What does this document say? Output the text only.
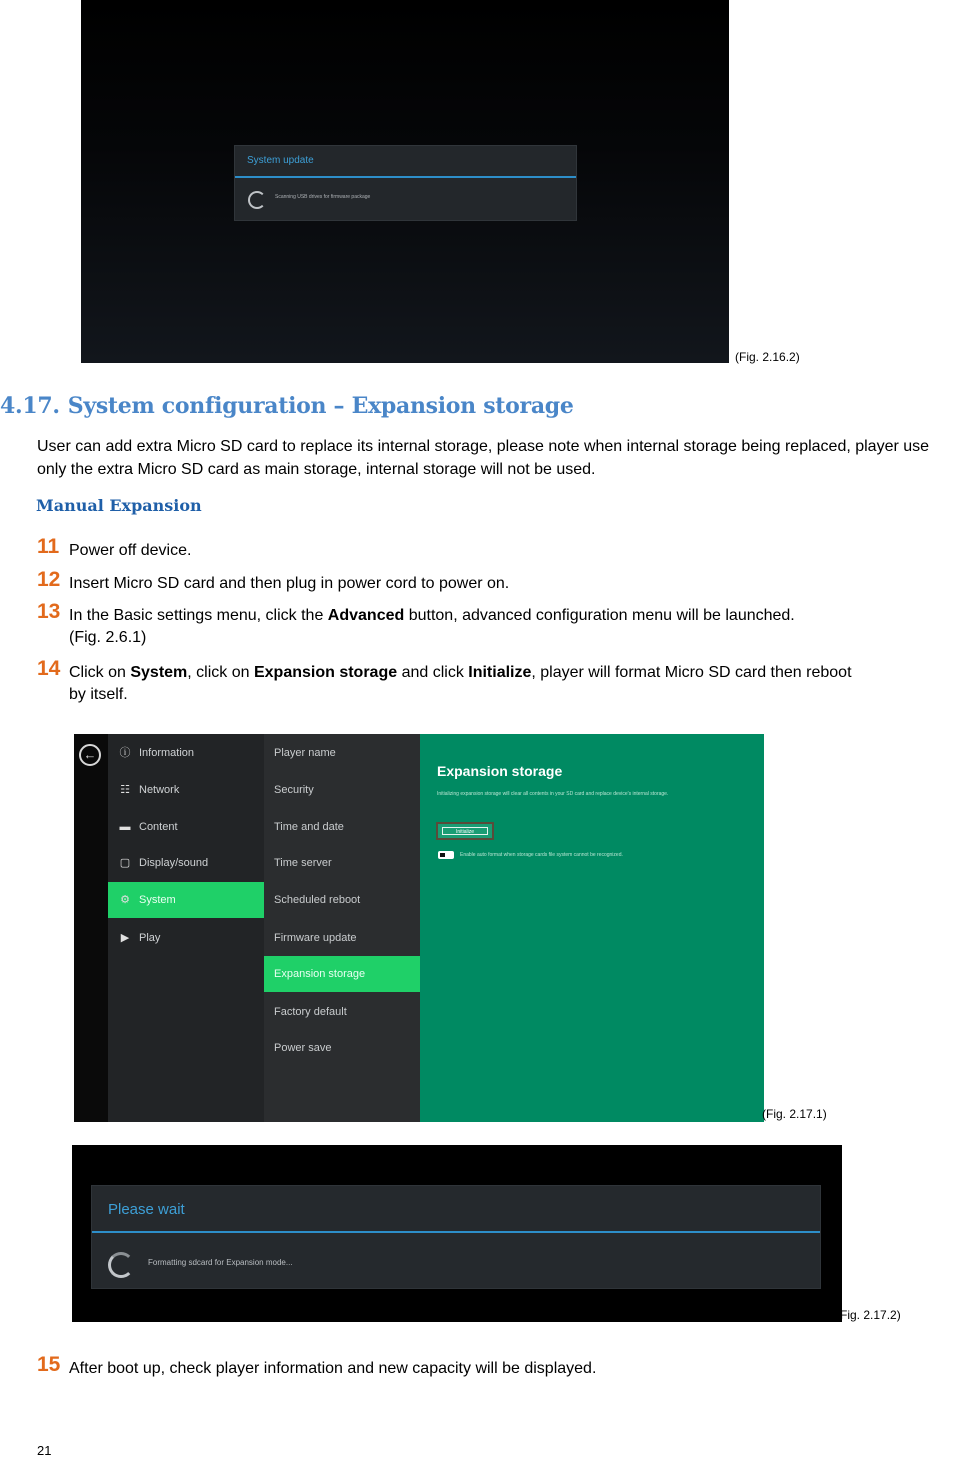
System update
Scanning USB drives for firmware package
(Fig. 2.16.2)
4.17. System configuration – Expansion storage
User can add extra Micro SD card to replace its internal storage, please note when internal storage being replaced, player use only the extra Micro SD card as main storage, internal storage will not be used.
Manual Expansion
11 Power off device.
12 Insert Micro SD card and then plug in power cord to power on.
13 In the Basic settings menu, click the Advanced button, advanced configuration menu will be launched.
(Fig. 2.6.1)
14 Click on System, click on Expansion storage and click Initialize, player will format Micro SD card then reboot
by itself.
←	ⓘ Information
☷ Network
▬ Content
▢ Display/sound
⚙ System
▶ Play
Player name
Security
Time and date
Time server
Scheduled reboot
Firmware update
Expansion storage
Factory default
Power save
Expansion storage
Initializing expansion storage will clear all contents in your SD card and replace device's internal storage.
Initialize
Enable auto format when storage cards file system cannot be recognized.
(Fig. 2.17.1)
Please wait
Formatting sdcard for Expansion mode...
Fig. 2.17.2)
15 After boot up, check player information and new capacity will be displayed.
21
